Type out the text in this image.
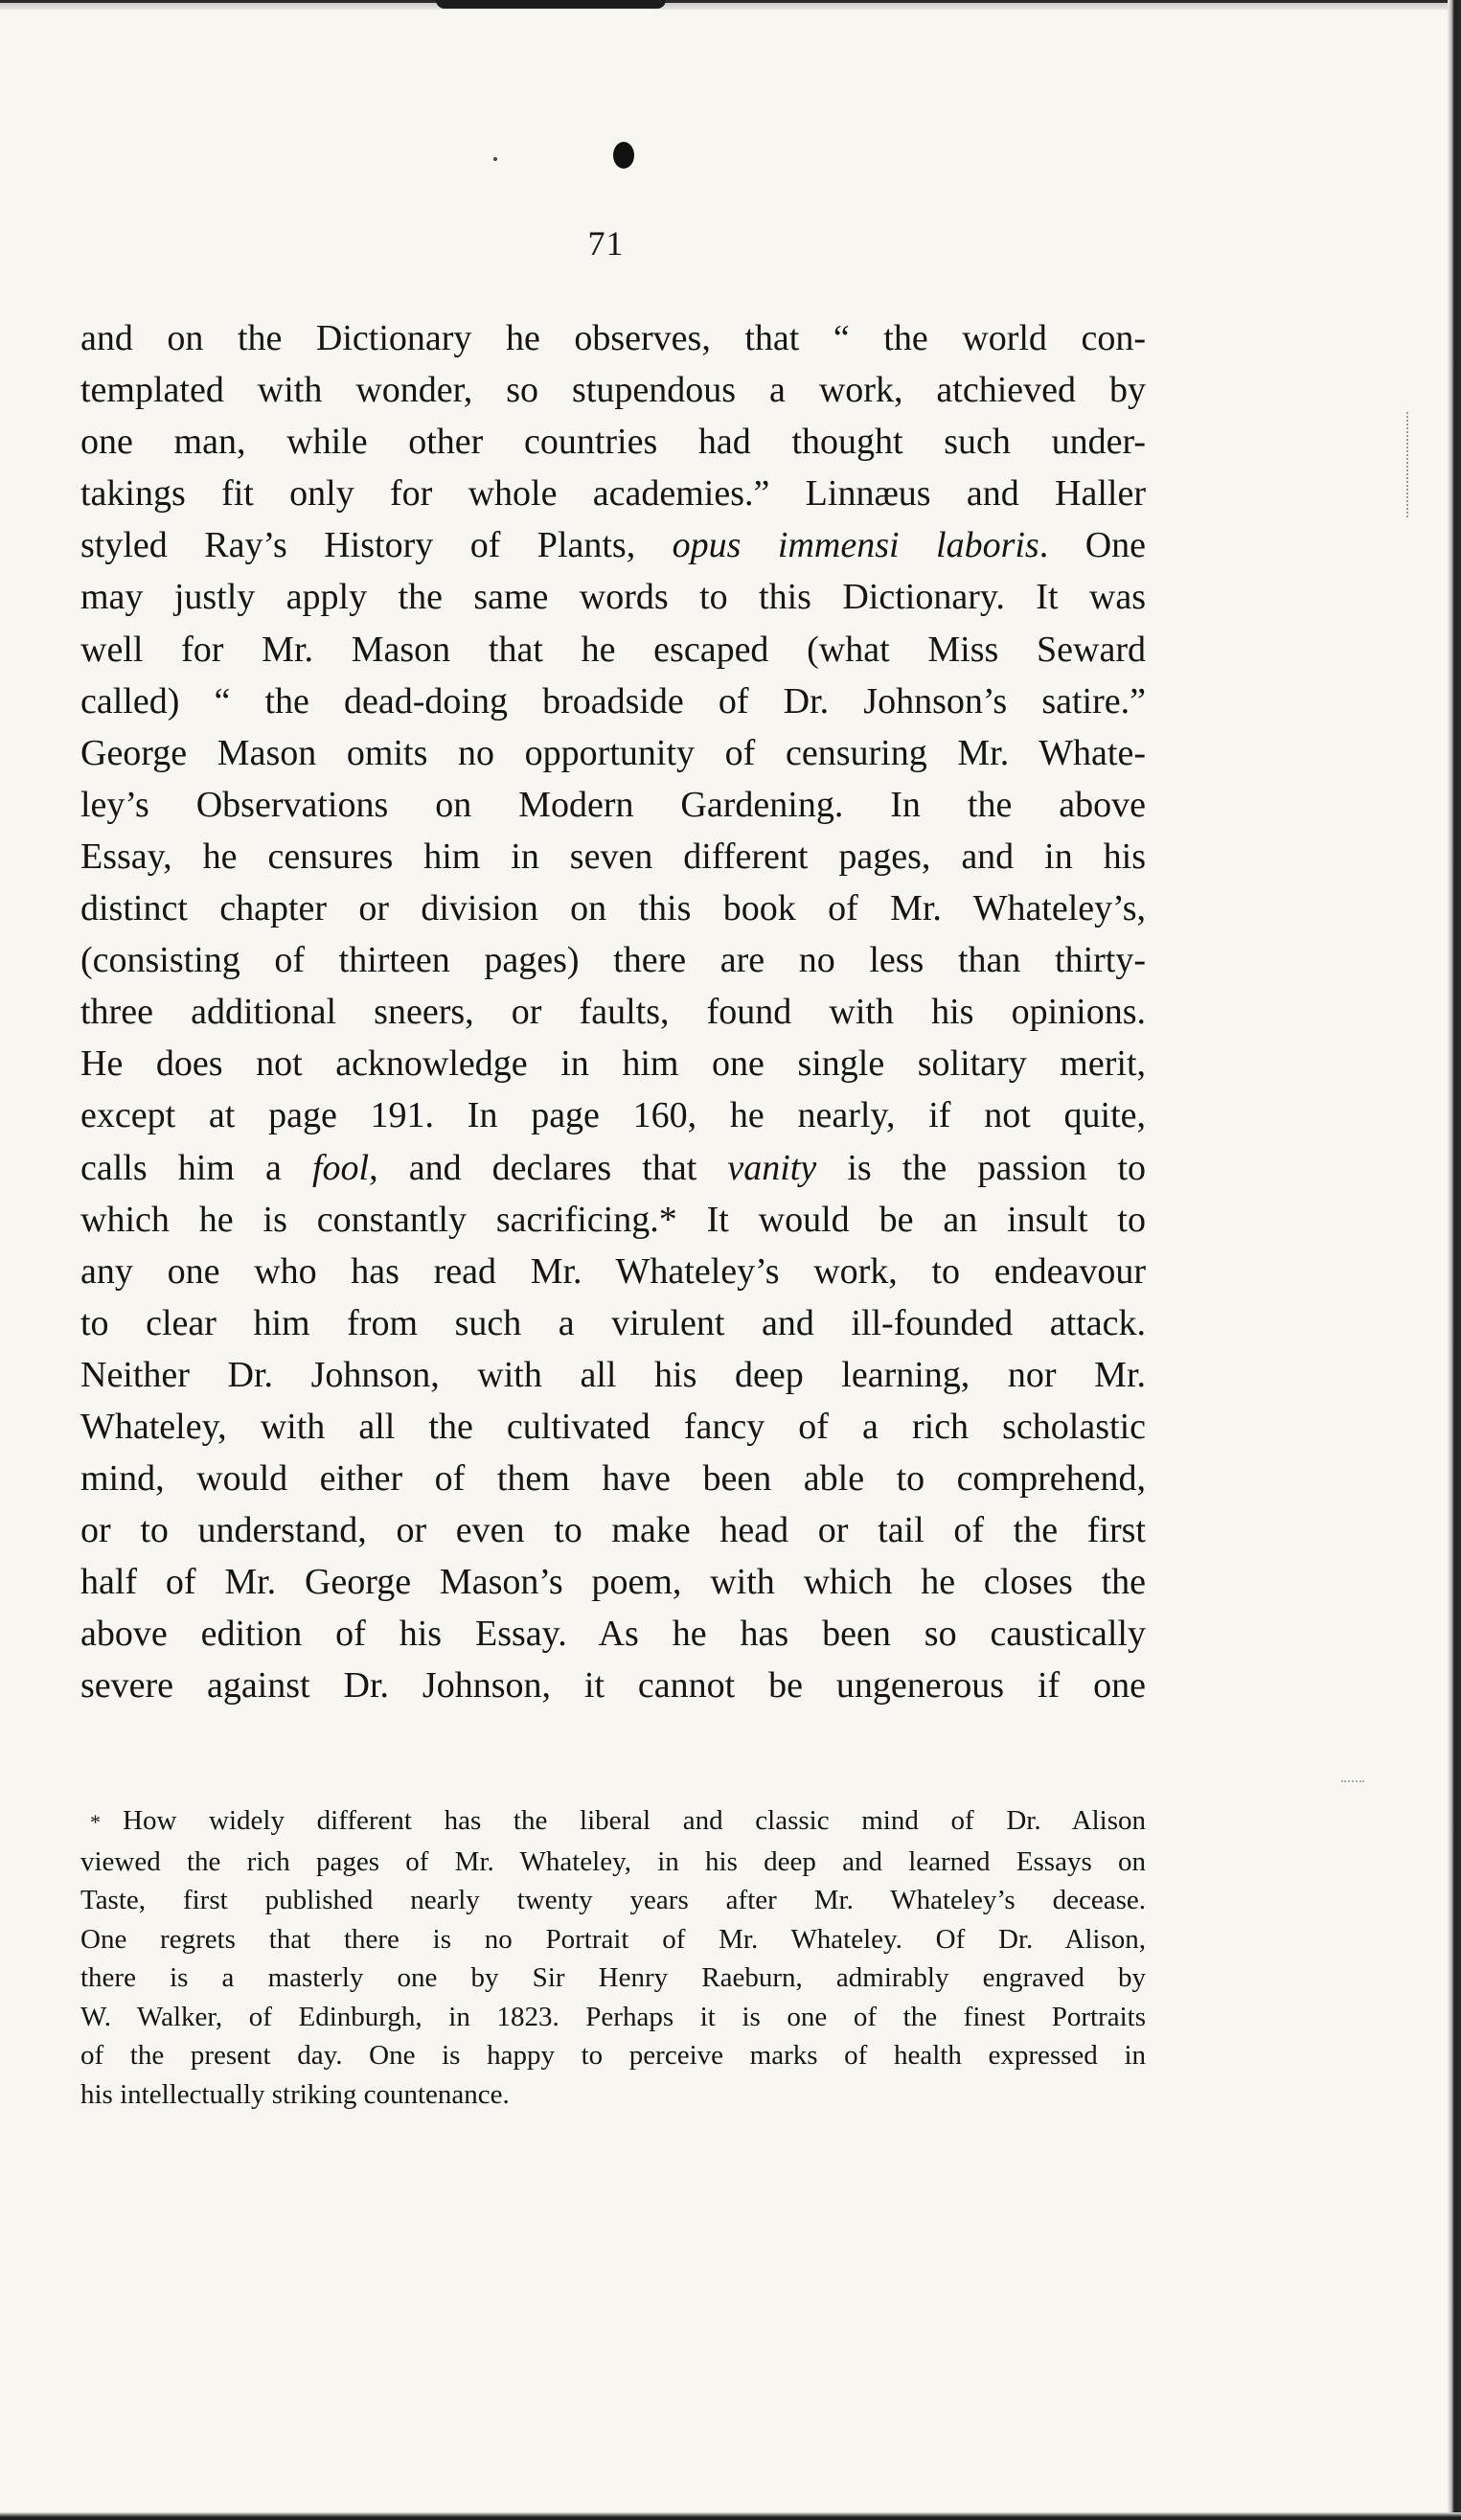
71
and on the Dictionary he observes, that “ the world con-
templated with wonder, so stupendous a work, atchieved by
one man, while other countries had thought such under-
takings fit only for whole academies.” Linnæus and Haller
styled Ray’s History of Plants, opus immensi laboris. One
may justly apply the same words to this Dictionary. It was
well for Mr. Mason that he escaped (what Miss Seward
called) “ the dead-doing broadside of Dr. Johnson’s satire.”
George Mason omits no opportunity of censuring Mr. Whate-
ley’s Observations on Modern Gardening. In the above
Essay, he censures him in seven different pages, and in his
distinct chapter or division on this book of Mr. Whateley’s,
(consisting of thirteen pages) there are no less than thirty-
three additional sneers, or faults, found with his opinions.
He does not acknowledge in him one single solitary merit,
except at page 191. In page 160, he nearly, if not quite,
calls him a fool, and declares that vanity is the passion to
which he is constantly sacrificing.* It would be an insult to
any one who has read Mr. Whateley’s work, to endeavour
to clear him from such a virulent and ill-founded attack.
Neither Dr. Johnson, with all his deep learning, nor Mr.
Whateley, with all the cultivated fancy of a rich scholastic
mind, would either of them have been able to comprehend,
or to understand, or even to make head or tail of the first
half of Mr. George Mason’s poem, with which he closes the
above edition of his Essay. As he has been so caustically
severe against Dr. Johnson, it cannot be ungenerous if one
* How widely different has the liberal and classic mind of Dr. Alison
viewed the rich pages of Mr. Whateley, in his deep and learned Essays on
Taste, first published nearly twenty years after Mr. Whateley’s decease.
One regrets that there is no Portrait of Mr. Whateley. Of Dr. Alison,
there is a masterly one by Sir Henry Raeburn, admirably engraved by
W. Walker, of Edinburgh, in 1823. Perhaps it is one of the finest Portraits
of the present day. One is happy to perceive marks of health expressed in
his intellectually striking countenance.
